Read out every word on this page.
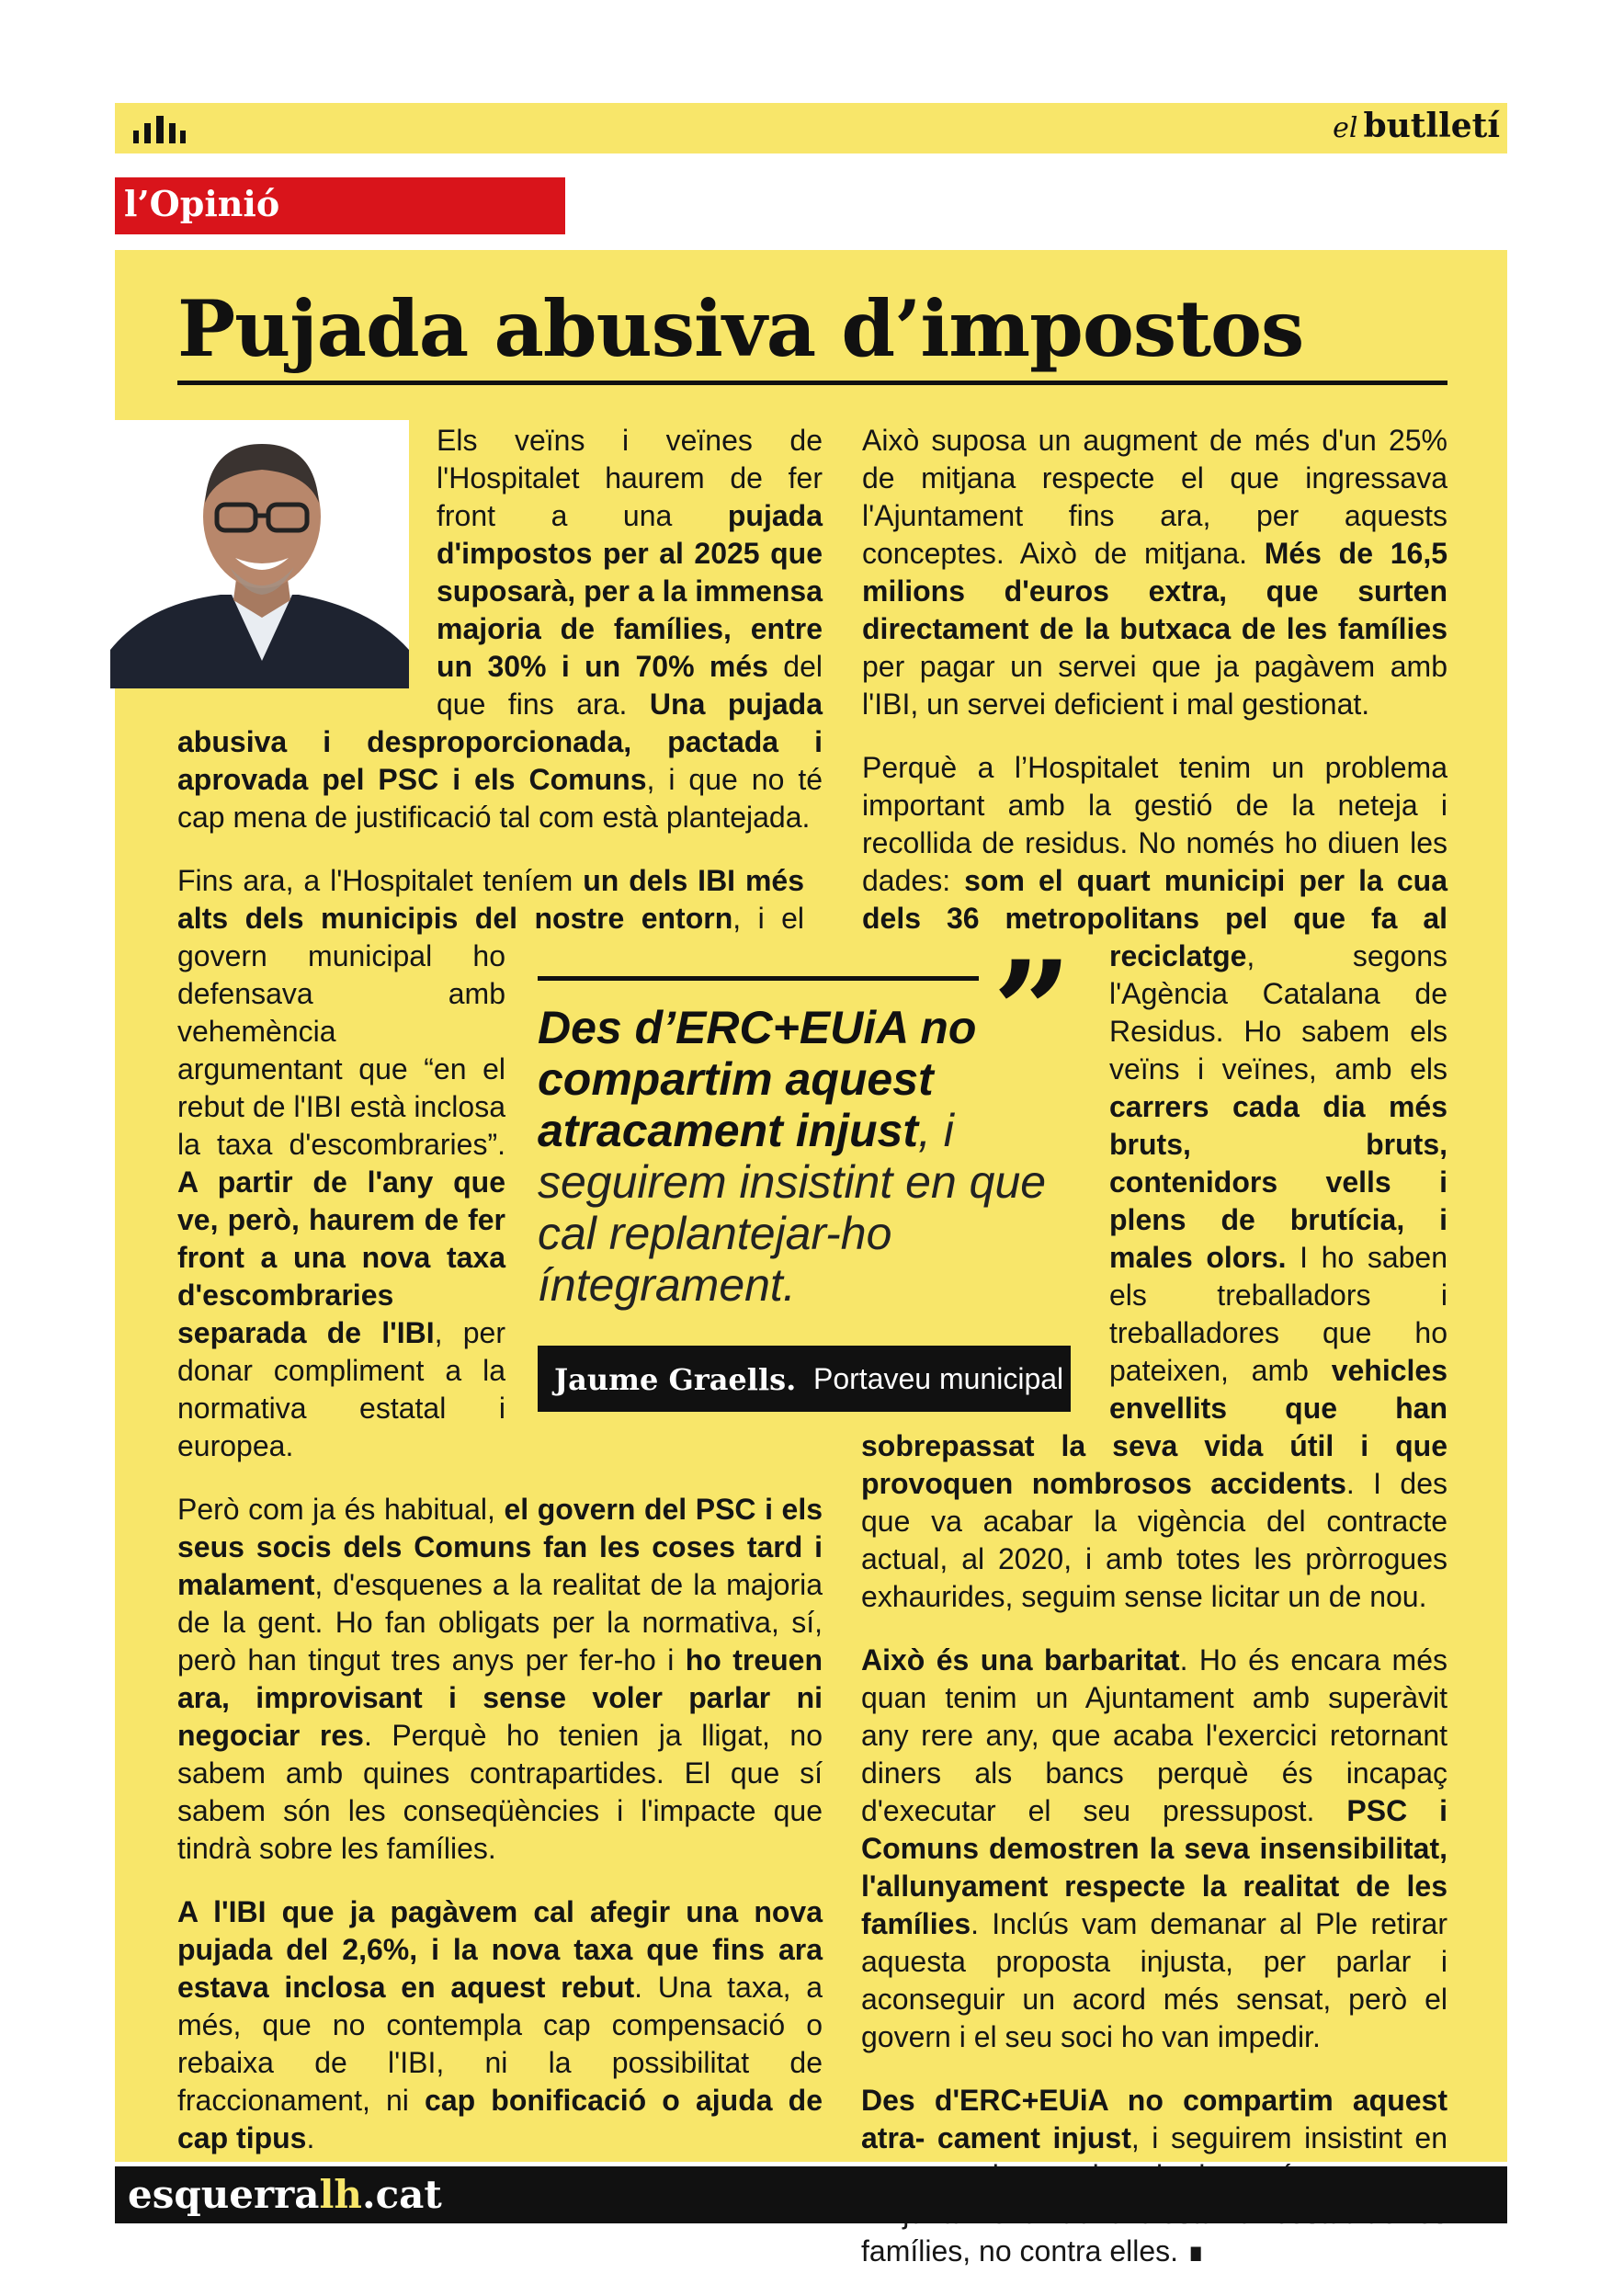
el butlletí
l’Opinió
Pujada abusiva d’impostos
”
Des d’ERC+EUiA no compartim aquest atracament injust, i seguirem insistint en que cal replantejar-ho íntegrament.
Jaume Graells. Portaveu municipal

Els veïns i veïnes de l'Hospitalet haurem de fer front a una pujada d'impostos per al 2025 que suposarà, per a la immensa majoria de famílies, entre un 30% i un 70% més del que fins ara. Una pujada abusiva i desproporcionada, pactada i aprovada pel PSC i els Comuns, i que no té cap mena de justificació tal com està plantejada.

Fins ara, a l'Hospitalet teníem un dels IBI més alts dels municipis del nostre entorn, i el govern municipal ho defensava amb vehemència argumentant que “en el rebut de l'IBI està inclosa la taxa d'escombraries”. A partir de l'any que ve, però, haurem de fer front a una nova taxa d'escombraries separada de l'IBI, per donar compliment a la normativa estatal i europea.

Però com ja és habitual, el govern del PSC i els seus socis dels Comuns fan les coses tard i malament, d'esquenes a la realitat de la majoria de la gent. Ho fan obligats per la normativa, sí, però han tingut tres anys per fer-ho i ho treuen ara, improvisant i sense voler parlar ni negociar res. Perquè ho tenien ja lligat, no sabem amb quines contrapartides. El que sí sabem són les conseqüències i l'impacte que tindrà sobre les famílies.

A l'IBI que ja pagàvem cal afegir una nova pujada del 2,6%, i la nova taxa que fins ara estava inclosa en aquest rebut. Una taxa, a més, que no contempla cap compensació o rebaixa de l'IBI, ni la possibilitat de fraccionament, ni cap bonificació o ajuda de cap tipus.

Això suposa un augment de més d'un 25% de mitjana respecte el que ingressava l'Ajuntament fins ara, per aquests conceptes. Això de mitjana. Més de 16,5 milions d'euros extra, que surten directament de la butxaca de les famílies per pagar un servei que ja pagàvem amb l'IBI, un servei deficient i mal gestionat.

Perquè a l’Hospitalet tenim un problema important amb la gestió de la neteja i recollida de residus. No només ho diuen les dades: som el quart municipi per la cua dels 36 metropolitans pel que fa al reciclatge, segons l'Agència Catalana de Residus. Ho sabem els veïns i veïnes, amb els carrers cada dia més bruts, bruts, contenidors vells i plens de brutícia, i males olors. I ho saben els treballadors i treballadores que ho pateixen, amb vehicles envellits que han sobrepassat la seva vida útil i que provoquen nombrosos accidents. I des que va acabar la vigència del contracte actual, al 2020, i amb totes les pròrrogues exhaurides, seguim sense licitar un de nou.

Això és una barbaritat. Ho és encara més quan tenim un Ajuntament amb superàvit any rere any, que acaba l'exercici retornant diners als bancs perquè és incapaç d'executar el seu pressupost. PSC i Comuns demostren la seva insensibilitat, l'allunyament respecte la realitat de les famílies. Inclús vam demanar al Ple retirar aquesta proposta injusta, per parlar i aconseguir un acord més sensat, però el govern i el seu soci ho van impedir.

Des d'ERC+EUiA no compartim aquest atra- cament injust, i seguirem insistint en famílies, no contra elles. ∎

esquerralh.cat
